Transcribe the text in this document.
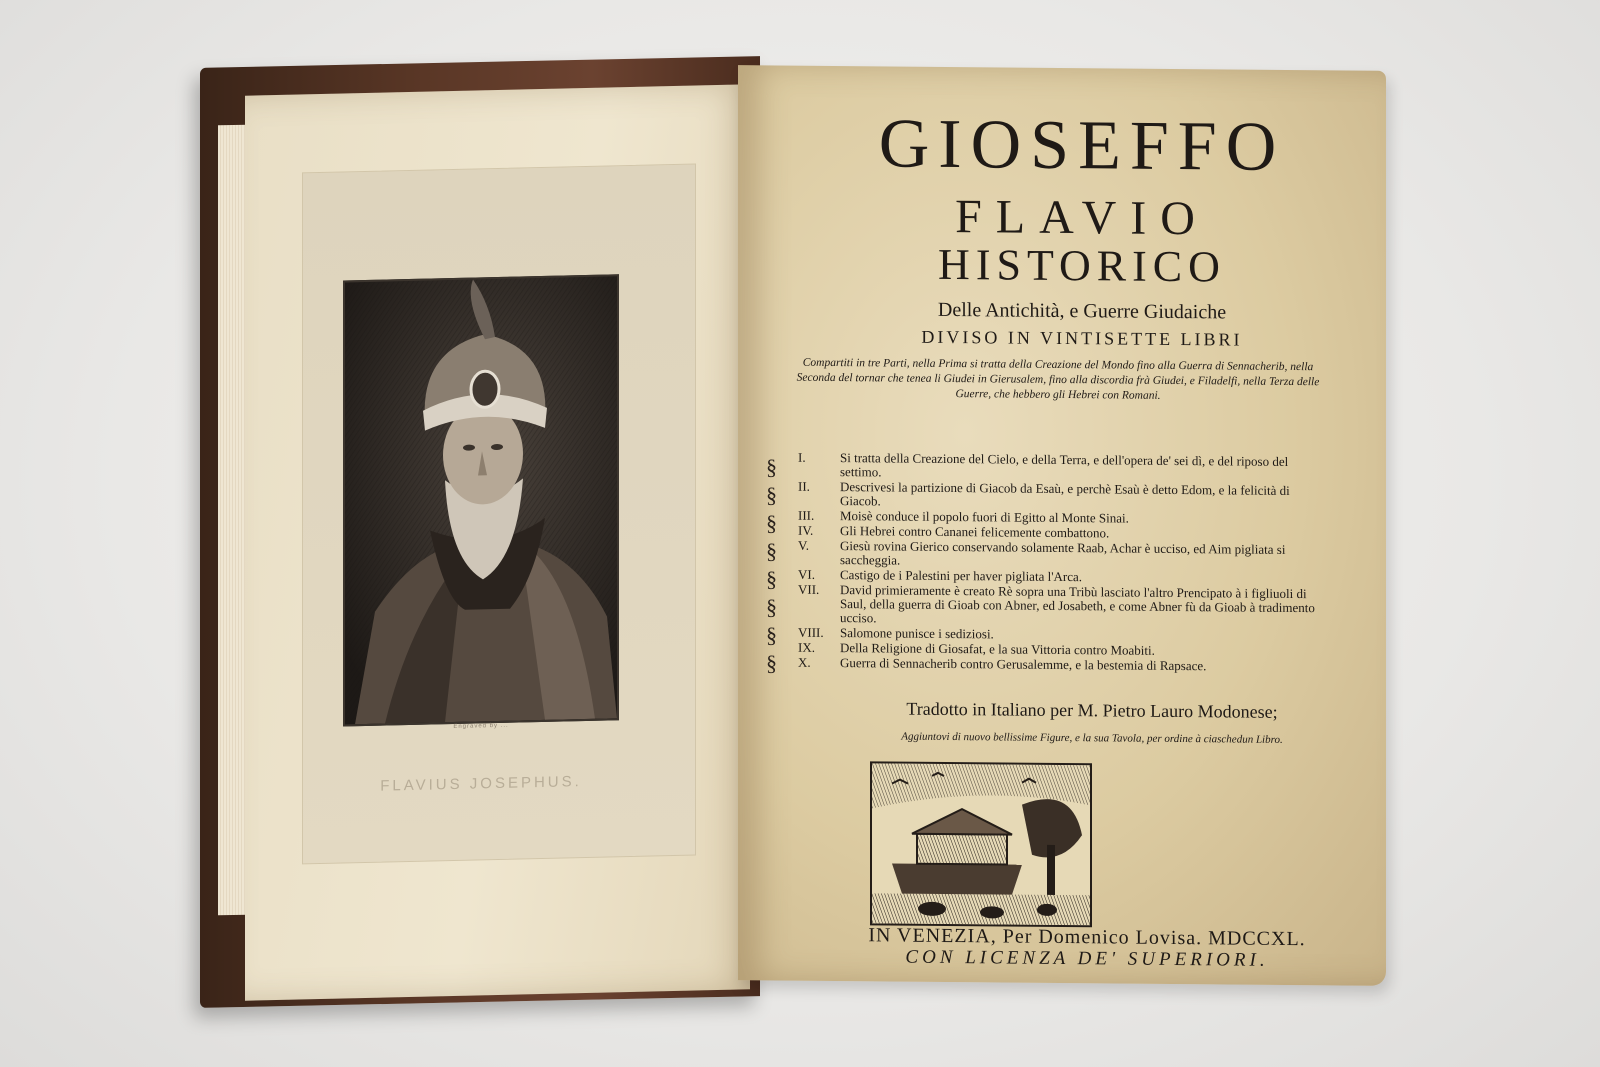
Engraved by ...
FLAVIUS JOSEPHUS.
GIOSEFFO
FLAVIO
HISTORICO
Delle Antichità, e Guerre Giudaiche
DIVISO IN VINTISETTE LIBRI
Compartiti in tre Parti, nella Prima si tratta della Creazione del Mondo fino alla Guerra di Sennacherib, nella Seconda del tornar che tenea li Giudei in Gierusalem, fino alla discordia frà Giudei, e Filadelfi, nella Terza delle Guerre, che hebbero gli Hebrei con Romani.
§
§
§
§
§
§
§
§
I.	Si tratta della Creazione del Cielo, e della Terra, e dell'opera de' sei dì, e del riposo del settimo.
II.	Descrivesi la partizione di Giacob da Esaù, e perchè Esaù è detto Edom, e la felicità di Giacob.
III.	Moisè conduce il popolo fuori di Egitto al Monte Sinai.
IV.	Gli Hebrei contro Cananei felicemente combattono.
V.	Giesù rovina Gierico conservando solamente Raab, Achar è ucciso, ed Aim pigliata si saccheggia.
VI.	Castigo de i Palestini per haver pigliata l'Arca.
VII.	David primieramente è creato Rè sopra una Tribù lasciato l'altro Prencipato à i figliuoli di Saul, della guerra di Gioab con Abner, ed Josabeth, e come Abner fù da Gioab à tradimento ucciso.
VIII.	Salomone punisce i sediziosi.
IX.	Della Religione di Giosafat, e la sua Vittoria contro Moabiti.
X.	Guerra di Sennacherib contro Gerusalemme, e la bestemia di Rapsace.
Tradotto in Italiano per M. Pietro Lauro Modonese;
Aggiuntovi di nuovo bellissime Figure, e la sua Tavola, per ordine à ciaschedun Libro.
IN VENEZIA, Per Domenico Lovisa. MDCCXL.
CON LICENZA DE' SUPERIORI.
